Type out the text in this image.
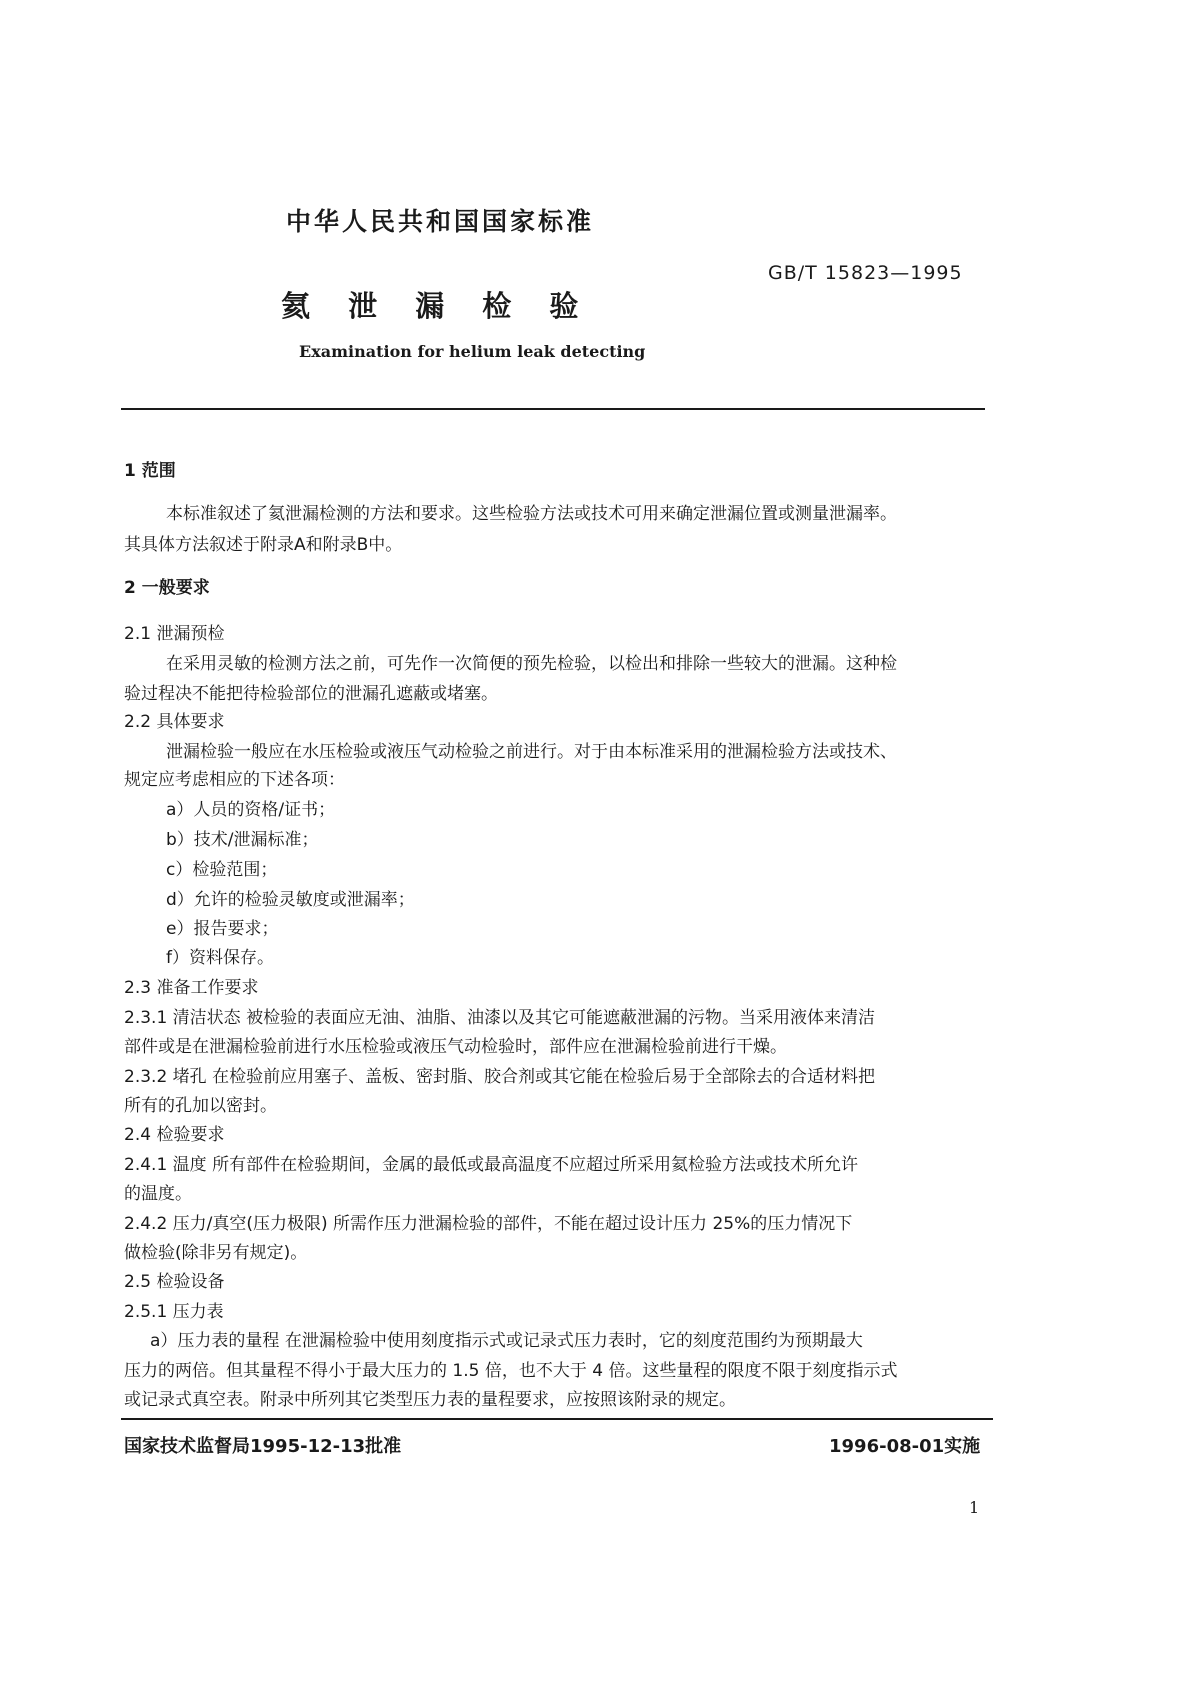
中华人民共和国国家标准
GB/T 15823—1995
氦 泄 漏 检 验
Examination for helium leak detecting
1 范围
本标准叙述了氦泄漏检测的方法和要求。这些检验方法或技术可用来确定泄漏位置或测量泄漏率。
其具体方法叙述于附录A和附录B中。
2 一般要求
2.1 泄漏预检
在采用灵敏的检测方法之前，可先作一次简便的预先检验，以检出和排除一些较大的泄漏。这种检
验过程决不能把待检验部位的泄漏孔遮蔽或堵塞。
2.2 具体要求
泄漏检验一般应在水压检验或液压气动检验之前进行。对于由本标准采用的泄漏检验方法或技术、
规定应考虑相应的下述各项：
a）人员的资格/证书；
b）技术/泄漏标准；
c）检验范围；
d）允许的检验灵敏度或泄漏率；
e）报告要求；
f）资料保存。
2.3 准备工作要求
2.3.1 清洁状态 被检验的表面应无油、油脂、油漆以及其它可能遮蔽泄漏的污物。当采用液体来清洁
部件或是在泄漏检验前进行水压检验或液压气动检验时，部件应在泄漏检验前进行干燥。
2.3.2 堵孔 在检验前应用塞子、盖板、密封脂、胶合剂或其它能在检验后易于全部除去的合适材料把
所有的孔加以密封。
2.4 检验要求
2.4.1 温度 所有部件在检验期间，金属的最低或最高温度不应超过所采用氦检验方法或技术所允许
的温度。
2.4.2 压力/真空(压力极限) 所需作压力泄漏检验的部件，不能在超过设计压力 25%的压力情况下
做检验(除非另有规定)。
2.5 检验设备
2.5.1 压力表
a）压力表的量程 在泄漏检验中使用刻度指示式或记录式压力表时，它的刻度范围约为预期最大
压力的两倍。但其量程不得小于最大压力的 1.5 倍，也不大于 4 倍。这些量程的限度不限于刻度指示式
或记录式真空表。附录中所列其它类型压力表的量程要求，应按照该附录的规定。
国家技术监督局1995-12-13批准	1996-08-01实施
1
